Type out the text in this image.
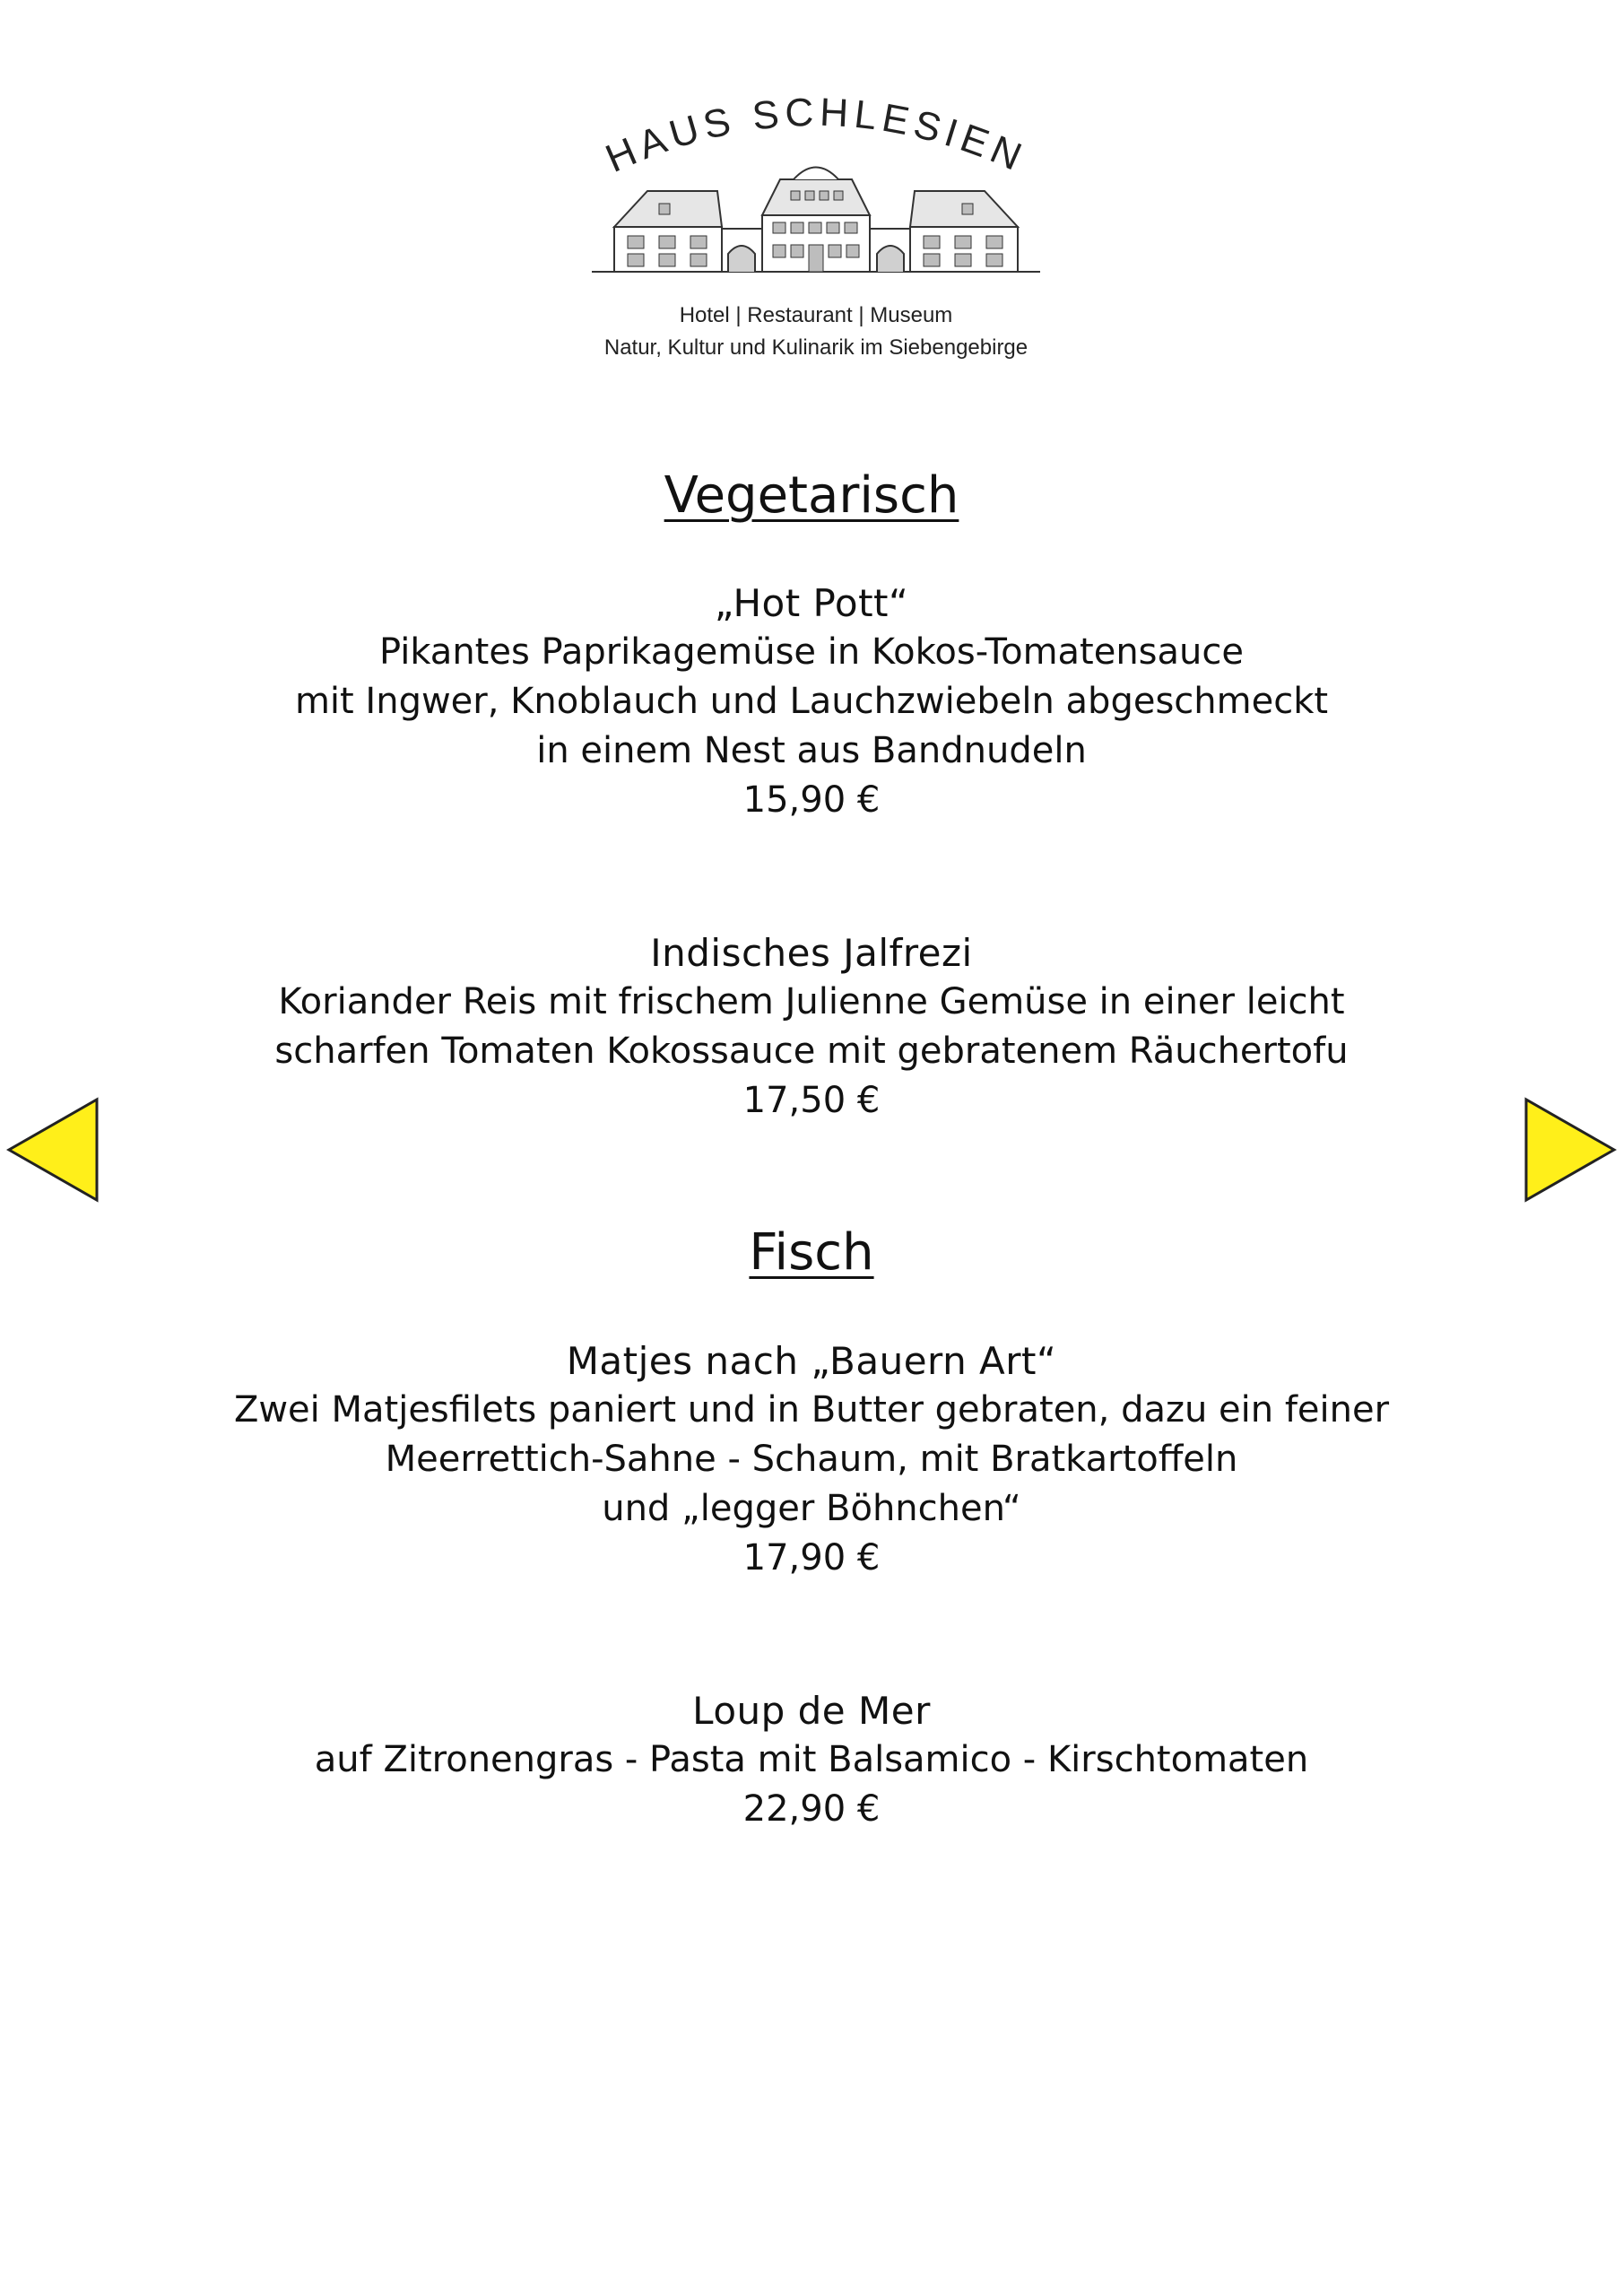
HAUS SCHLESIEN
Hotel | Restaurant | Museum
Natur, Kultur und Kulinarik im Siebengebirge
Vegetarisch
„Hot Pott“
Pikantes Paprikagemüse in Kokos-Tomatensauce
mit Ingwer, Knoblauch und Lauchzwiebeln abgeschmeckt
in einem Nest aus Bandnudeln
15,90 €
Indisches Jalfrezi
Koriander Reis mit frischem Julienne Gemüse in einer leicht
scharfen Tomaten Kokossauce mit gebratenem Räuchertofu
17,50 €
Fisch
Matjes nach „Bauern Art“
Zwei Matjesfilets paniert und in Butter gebraten, dazu ein feiner
Meerrettich-Sahne - Schaum, mit Bratkartoffeln
und „legger Böhnchen“
17,90 €
Loup de Mer
auf Zitronengras - Pasta mit Balsamico - Kirschtomaten
22,90 €
